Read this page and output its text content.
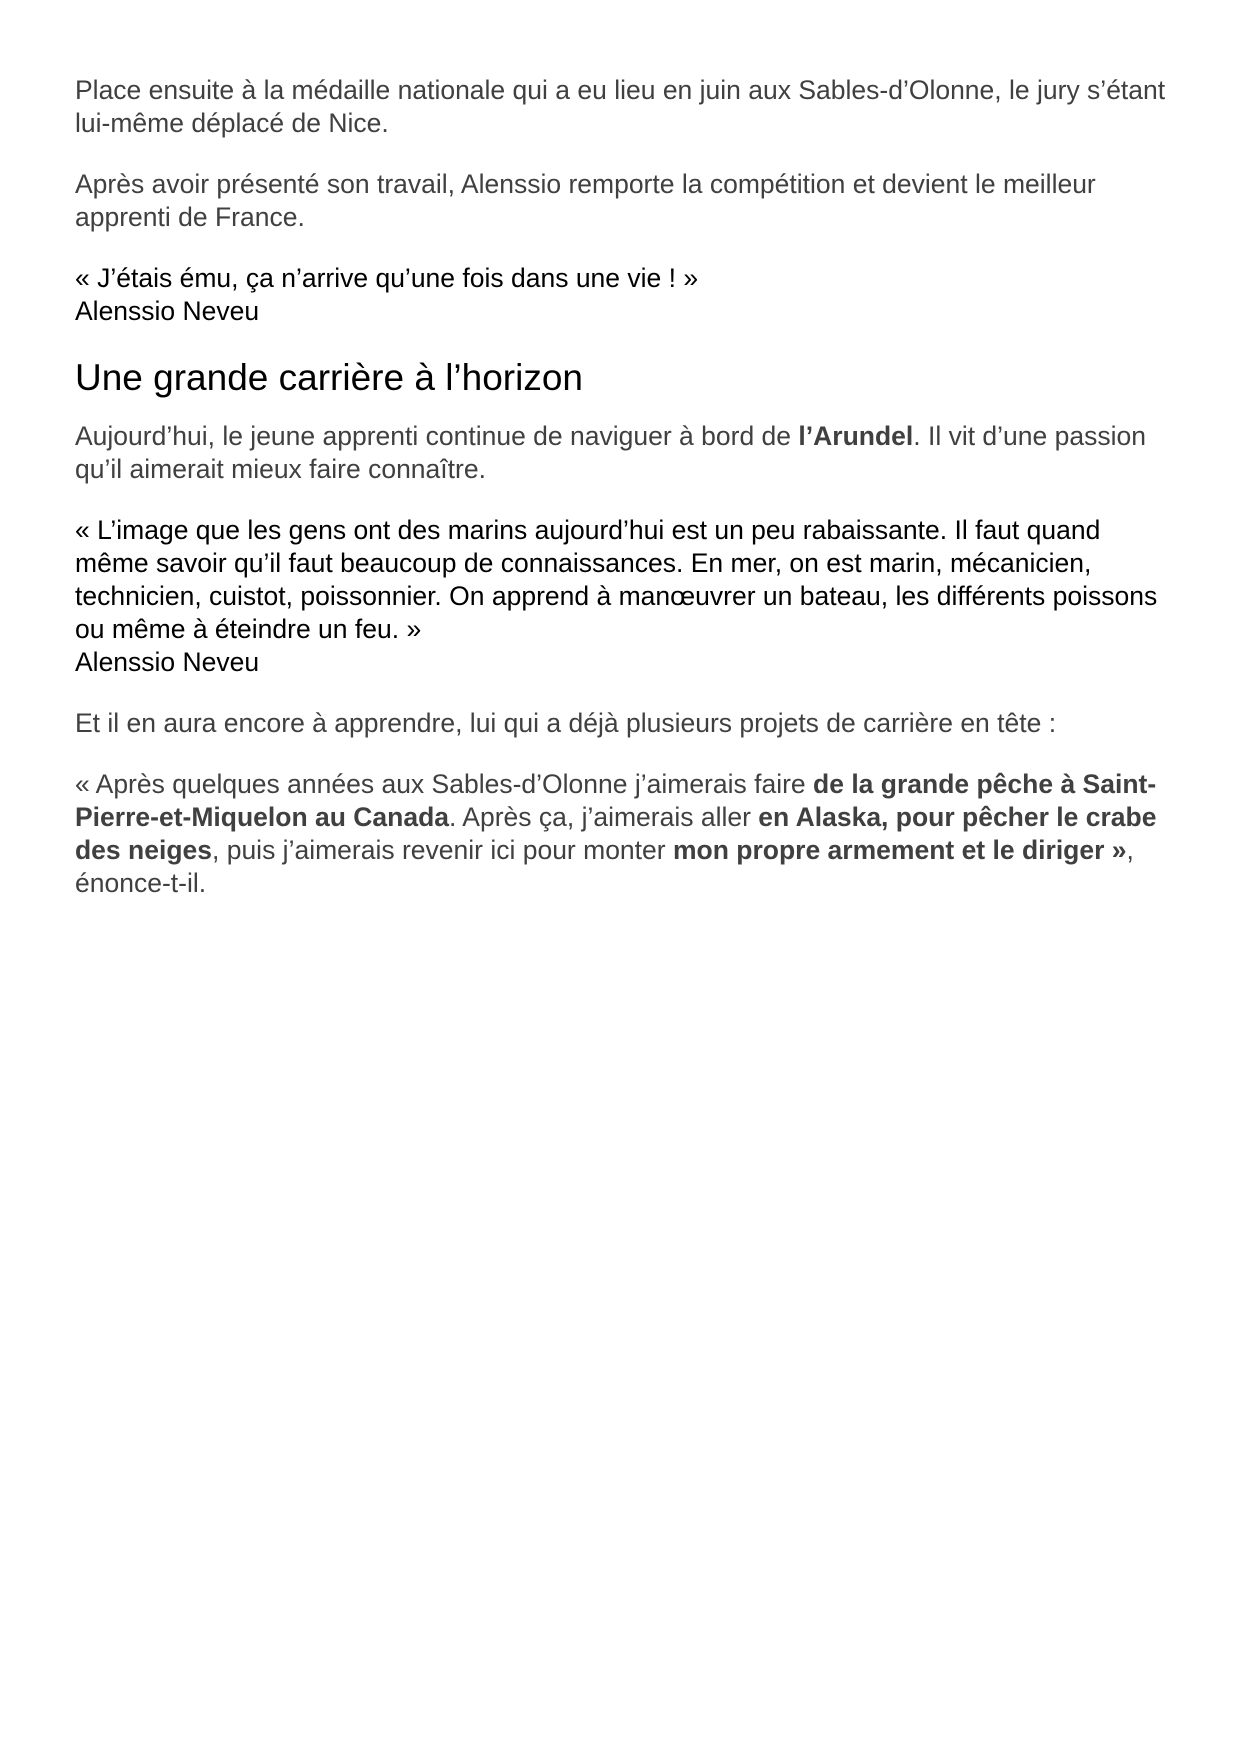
Place ensuite à la médaille nationale qui a eu lieu en juin aux Sables-d’Olonne, le jury s’étant lui-même déplacé de Nice.

Après avoir présenté son travail, Alenssio remporte la compétition et devient le meilleur apprenti de France.

« J’étais ému, ça n’arrive qu’une fois dans une vie ! »

Alenssio Neveu

Une grande carrière à l’horizon

Aujourd’hui, le jeune apprenti continue de naviguer à bord de l’Arundel. Il vit d’une passion qu’il aimerait mieux faire connaître.

« L’image que les gens ont des marins aujourd’hui est un peu rabaissante. Il faut quand même savoir qu’il faut beaucoup de connaissances. En mer, on est marin, mécanicien, technicien, cuistot, poissonnier. On apprend à manœuvrer un bateau, les différents poissons ou même à éteindre un feu. »

Alenssio Neveu

Et il en aura encore à apprendre, lui qui a déjà plusieurs projets de carrière en tête :

« Après quelques années aux Sables-d’Olonne j’aimerais faire de la grande pêche à Saint-Pierre-et-Miquelon au Canada. Après ça, j’aimerais aller en Alaska, pour pêcher le crabe des neiges, puis j’aimerais revenir ici pour monter mon propre armement et le diriger », énonce-t-il.
